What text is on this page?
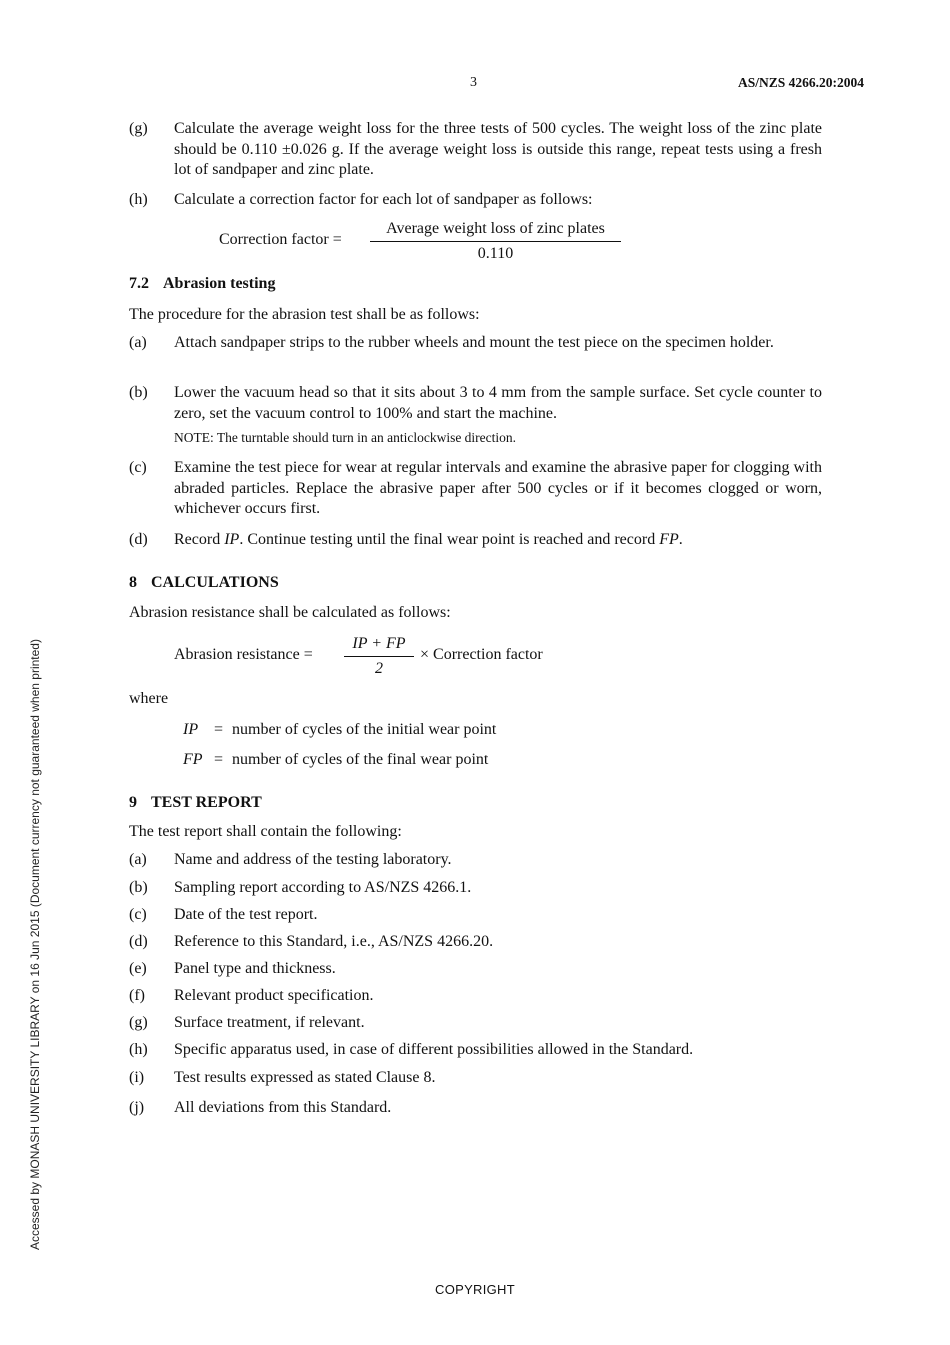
3	AS/NZS 4266.20:2004
(g) Calculate the average weight loss for the three tests of 500 cycles. The weight loss of the zinc plate should be 0.110 ±0.026 g. If the average weight loss is outside this range, repeat tests using a fresh lot of sandpaper and zinc plate.
(h) Calculate a correction factor for each lot of sandpaper as follows:
Correction factor =
Average weight loss of zinc plates
0.110
7.2 Abrasion testing
The procedure for the abrasion test shall be as follows:
(a) Attach sandpaper strips to the rubber wheels and mount the test piece on the specimen holder.
(b) Lower the vacuum head so that it sits about 3 to 4 mm from the sample surface. Set cycle counter to zero, set the vacuum control to 100% and start the machine.
NOTE: The turntable should turn in an anticlockwise direction.
(c) Examine the test piece for wear at regular intervals and examine the abrasive paper for clogging with abraded particles. Replace the abrasive paper after 500 cycles or if it becomes clogged or worn, whichever occurs first.
(d) Record IP. Continue testing until the final wear point is reached and record FP.
8 CALCULATIONS
Abrasion resistance shall be calculated as follows:
Abrasion resistance = $\frac{IP + FP}{2}$ × Correction factor
where
IP = number of cycles of the initial wear point
FP = number of cycles of the final wear point
9 TEST REPORT
The test report shall contain the following:
(a) Name and address of the testing laboratory.
(b) Sampling report according to AS/NZS 4266.1.
(c) Date of the test report.
(d) Reference to this Standard, i.e., AS/NZS 4266.20.
(e) Panel type and thickness.
(f) Relevant product specification.
(g) Surface treatment, if relevant.
(h) Specific apparatus used, in case of different possibilities allowed in the Standard.
(i) Test results expressed as stated Clause 8.
(j) All deviations from this Standard.
Accessed by MONASH UNIVERSITY LIBRARY on 16 Jun 2015 (Document currency not guaranteed when printed)
COPYRIGHT
